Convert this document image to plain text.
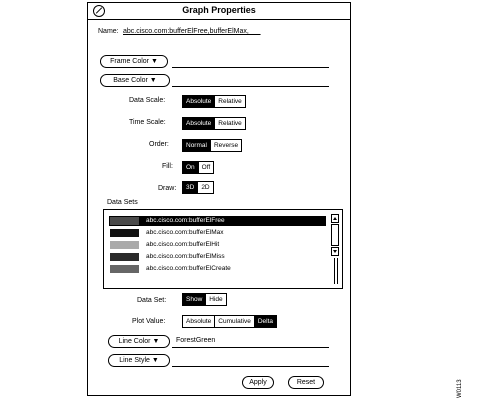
Graph Properties
Name: abc.cisco.com:bufferElFree,bufferElMax,___
Frame Color ▼
Base Color ▼
Data Scale:	Absolute	Relative
Time Scale:	Absolute	Relative
Order:	Normal	Reverse
Fill:	On	Off
Draw:	3D	2D
Data Sets
abc.cisco.com:bufferElFree
abc.cisco.com:bufferElMax
abc.cisco.com:bufferElHit
abc.cisco.com:bufferElMiss
abc.cisco.com:bufferElCreate
Data Set:	Show	Hide
Plot Value:	Absolute	Cumulative	Delta
Line Color ▼	ForestGreen
Line Style ▼
Apply	Reset	W0113
